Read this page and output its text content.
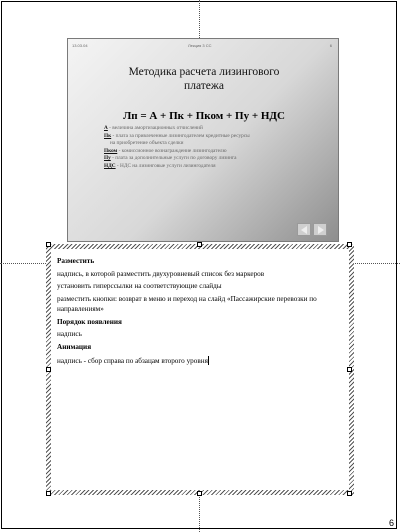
13.03.04	Лекция 3 СС	6
Методика расчета лизингового
платежа
Лп = А + Пк + Пком + Пу + НДС
А - величина амортизационных отчислений
Пк - плата за привлеченные лизингодателем кредитные ресурсы
на приобретение объекта сделки
Пком - комиссионное вознаграждение лизингодателю
Пу - плата за дополнительные услуги по договору лизинга
НДС - НДС на лизинговые услуги лизингодателя

Разместить

надпись, в которой разместить двухуровневый список без маркеров

установить гиперссылки на соответствующие слайды

разместить кнопки: возврат в меню и переход на слайд «Пассажирские перевозки по направлениям»

Порядок появления

надпись

Анимация

надпись - сбор справа по абзацам второго уровня

6
